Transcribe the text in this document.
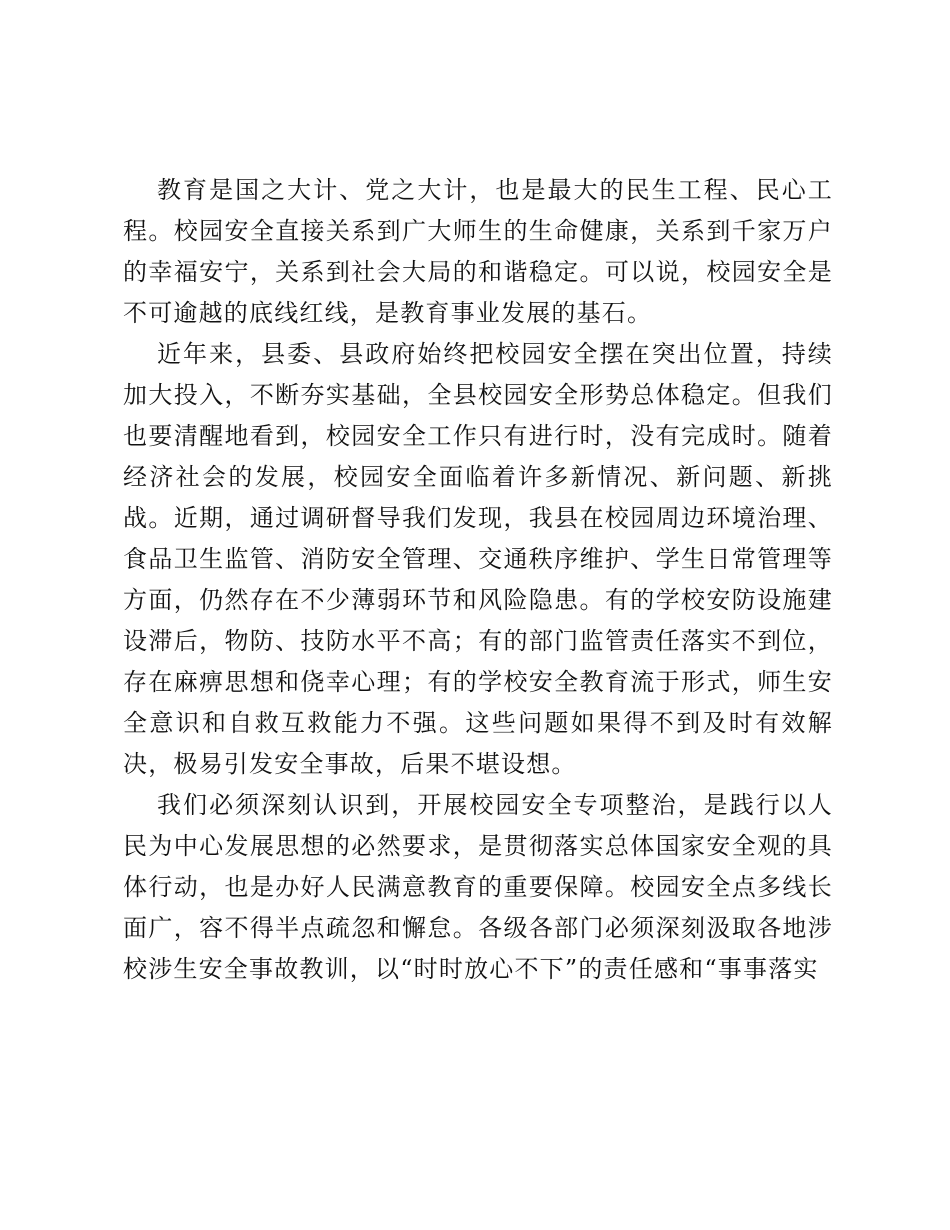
教育是国之大计、党之大计，也是最大的民生工程、民心工程。校园安全直接关系到广大师生的生命健康，关系到千家万户的幸福安宁，关系到社会大局的和谐稳定。可以说，校园安全是不可逾越的底线红线，是教育事业发展的基石。

近年来，县委、县政府始终把校园安全摆在突出位置，持续加大投入，不断夯实基础，全县校园安全形势总体稳定。但我们也要清醒地看到，校园安全工作只有进行时，没有完成时。随着经济社会的发展，校园安全面临着许多新情况、新问题、新挑战。近期，通过调研督导我们发现，我县在校园周边环境治理、食品卫生监管、消防安全管理、交通秩序维护、学生日常管理等方面，仍然存在不少薄弱环节和风险隐患。有的学校安防设施建设滞后，物防、技防水平不高；有的部门监管责任落实不到位，存在麻痹思想和侥幸心理；有的学校安全教育流于形式，师生安全意识和自救互救能力不强。这些问题如果得不到及时有效解决，极易引发安全事故，后果不堪设想。

我们必须深刻认识到，开展校园安全专项整治，是践行以人民为中心发展思想的必然要求，是贯彻落实总体国家安全观的具体行动，也是办好人民满意教育的重要保障。校园安全点多线长面广，容不得半点疏忽和懈怠。各级各部门必须深刻汲取各地涉校涉生安全事故教训，以“时时放心不下”的责任感和“事事落实
